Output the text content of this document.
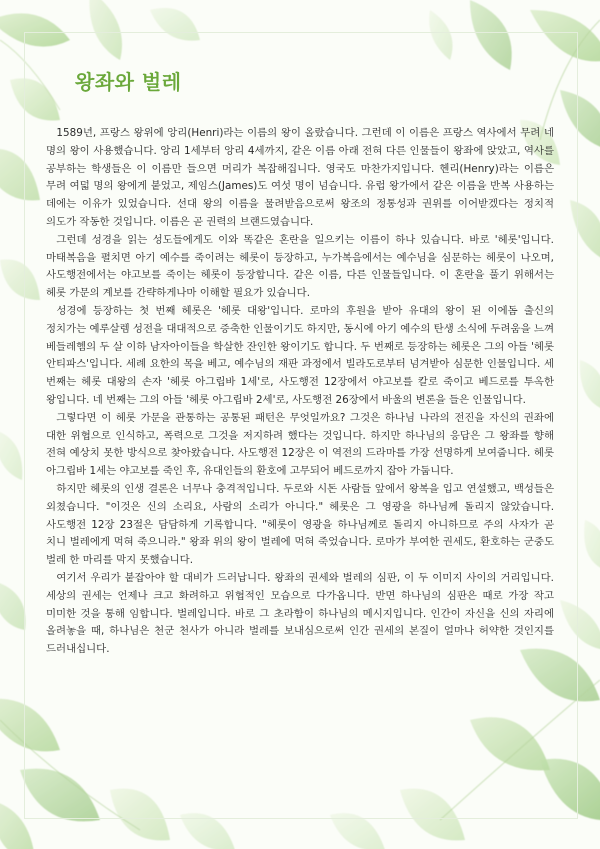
왕좌와 벌레

1589년, 프랑스 왕위에 앙리(Henri)라는 이름의 왕이 올랐습니다. 그런데 이 이름은 프랑스 역사에서 무려 네 명의 왕이 사용했습니다. 앙리 1세부터 앙리 4세까지, 같은 이름 아래 전혀 다른 인물들이 왕좌에 앉았고, 역사를 공부하는 학생들은 이 이름만 들으면 머리가 복잡해집니다. 영국도 마찬가지입니다. 헨리(Henry)라는 이름은 무려 여덟 명의 왕에게 붙었고, 제임스(James)도 여섯 명이 넘습니다. 유럽 왕가에서 같은 이름을 반복 사용하는 데에는 이유가 있었습니다. 선대 왕의 이름을 물려받음으로써 왕조의 정통성과 권위를 이어받겠다는 정치적 의도가 작동한 것입니다. 이름은 곧 권력의 브랜드였습니다.

그런데 성경을 읽는 성도들에게도 이와 똑같은 혼란을 일으키는 이름이 하나 있습니다. 바로 '헤롯'입니다. 마태복음을 펼치면 아기 예수를 죽이려는 헤롯이 등장하고, 누가복음에서는 예수님을 심문하는 헤롯이 나오며, 사도행전에서는 야고보를 죽이는 헤롯이 등장합니다. 같은 이름, 다른 인물들입니다. 이 혼란을 풀기 위해서는 헤롯 가문의 계보를 간략하게나마 이해할 필요가 있습니다.

성경에 등장하는 첫 번째 헤롯은 '헤롯 대왕'입니다. 로마의 후원을 받아 유대의 왕이 된 이에돔 출신의 정치가는 예루살렘 성전을 대대적으로 증축한 인물이기도 하지만, 동시에 아기 예수의 탄생 소식에 두려움을 느껴 베들레헴의 두 살 이하 남자아이들을 학살한 잔인한 왕이기도 합니다. 두 번째로 등장하는 헤롯은 그의 아들 '헤롯 안티파스'입니다. 세례 요한의 목을 베고, 예수님의 재판 과정에서 빌라도로부터 넘겨받아 심문한 인물입니다. 세 번째는 헤롯 대왕의 손자 '헤롯 아그립바 1세'로, 사도행전 12장에서 야고보를 칼로 죽이고 베드로를 투옥한 왕입니다. 네 번째는 그의 아들 '헤롯 아그립바 2세'로, 사도행전 26장에서 바울의 변론을 들은 인물입니다.

그렇다면 이 헤롯 가문을 관통하는 공통된 패턴은 무엇일까요? 그것은 하나님 나라의 전진을 자신의 권좌에 대한 위협으로 인식하고, 폭력으로 그것을 저지하려 했다는 것입니다. 하지만 하나님의 응답은 그 왕좌를 향해 전혀 예상치 못한 방식으로 찾아왔습니다. 사도행전 12장은 이 역전의 드라마를 가장 선명하게 보여줍니다. 헤롯 아그립바 1세는 야고보를 죽인 후, 유대인들의 환호에 고무되어 베드로까지 잡아 가둡니다.

하지만 헤롯의 인생 결론은 너무나 충격적입니다. 두로와 시돈 사람들 앞에서 왕복을 입고 연설했고, 백성들은 외쳤습니다. "이것은 신의 소리요, 사람의 소리가 아니다." 헤롯은 그 영광을 하나님께 돌리지 않았습니다. 사도행전 12장 23절은 담담하게 기록합니다. "헤롯이 영광을 하나님께로 돌리지 아니하므로 주의 사자가 곧 치니 벌레에게 먹혀 죽으니라." 왕좌 위의 왕이 벌레에 먹혀 죽었습니다. 로마가 부여한 권세도, 환호하는 군중도 벌레 한 마리를 막지 못했습니다.

여기서 우리가 붙잡아야 할 대비가 드러납니다. 왕좌의 권세와 벌레의 심판, 이 두 이미지 사이의 거리입니다. 세상의 권세는 언제나 크고 화려하고 위협적인 모습으로 다가옵니다. 반면 하나님의 심판은 때로 가장 작고 미미한 것을 통해 임합니다. 벌레입니다. 바로 그 초라함이 하나님의 메시지입니다. 인간이 자신을 신의 자리에 올려놓을 때, 하나님은 천군 천사가 아니라 벌레를 보내심으로써 인간 권세의 본질이 얼마나 허약한 것인지를 드러내십니다.
